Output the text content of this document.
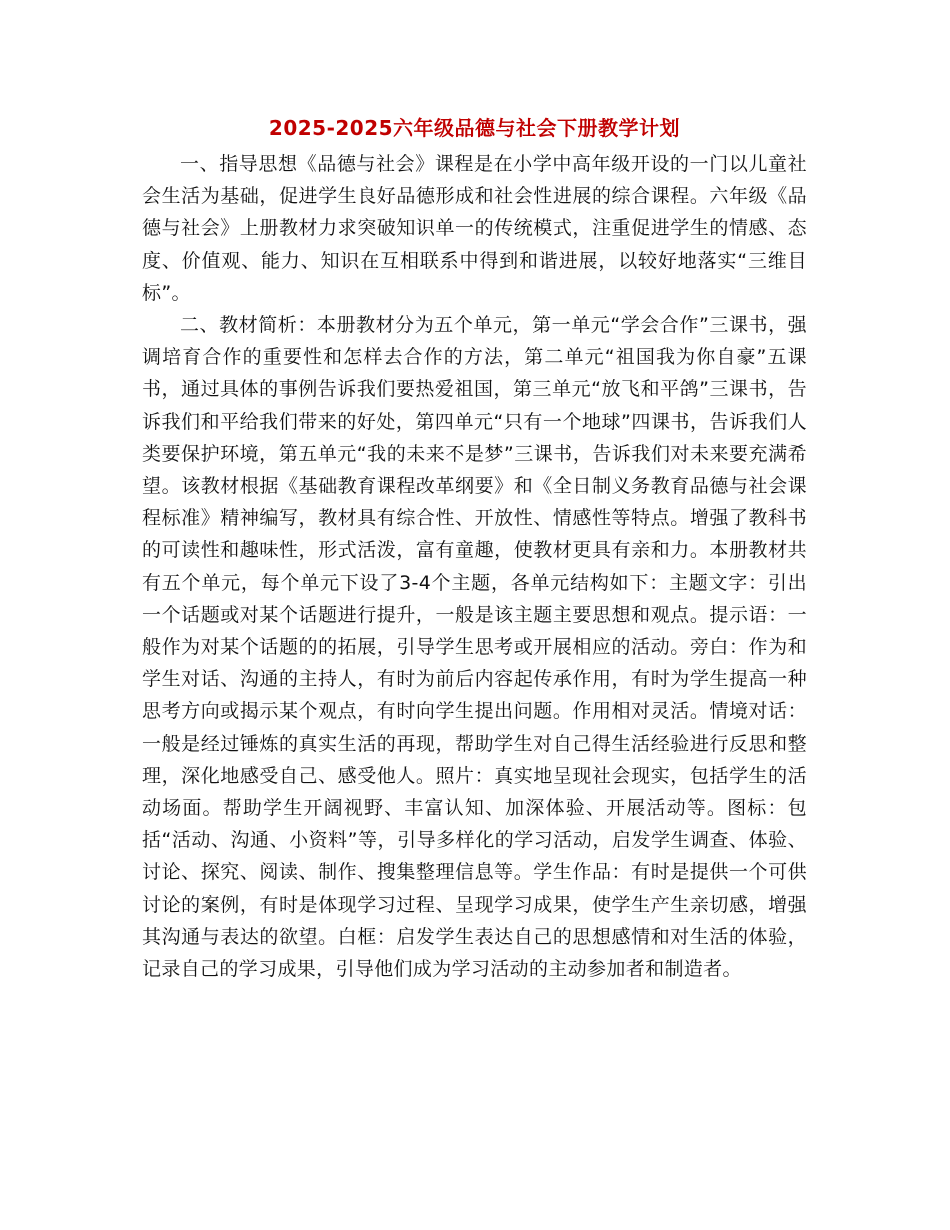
2025-2025六年级品德与社会下册教学计划

一、指导思想《品德与社会》课程是在小学中高年级开设的一门以儿童社会生活为基础，促进学生良好品德形成和社会性进展的综合课程。六年级《品德与社会》上册教材力求突破知识单一的传统模式，注重促进学生的情感、态度、价值观、能力、知识在互相联系中得到和谐进展，以较好地落实“三维目标”。

二、教材简析：本册教材分为五个单元，第一单元“学会合作”三课书，强调培育合作的重要性和怎样去合作的方法，第二单元“祖国我为你自豪”五课书，通过具体的事例告诉我们要热爱祖国，第三单元“放飞和平鸽”三课书，告诉我们和平给我们带来的好处，第四单元“只有一个地球”四课书，告诉我们人类要保护环境，第五单元“我的未来不是梦”三课书，告诉我们对未来要充满希望。该教材根据《基础教育课程改革纲要》和《全日制义务教育品德与社会课程标准》精神编写，教材具有综合性、开放性、情感性等特点。增强了教科书的可读性和趣味性，形式活泼，富有童趣，使教材更具有亲和力。本册教材共有五个单元，每个单元下设了3-4个主题，各单元结构如下：主题文字：引出一个话题或对某个话题进行提升，一般是该主题主要思想和观点。提示语：一般作为对某个话题的的拓展，引导学生思考或开展相应的活动。旁白：作为和学生对话、沟通的主持人，有时为前后内容起传承作用，有时为学生提高一种思考方向或揭示某个观点，有时向学生提出问题。作用相对灵活。情境对话：一般是经过锤炼的真实生活的再现，帮助学生对自己得生活经验进行反思和整理，深化地感受自己、感受他人。照片：真实地呈现社会现实，包括学生的活动场面。帮助学生开阔视野、丰富认知、加深体验、开展活动等。图标：包括“活动、沟通、小资料”等，引导多样化的学习活动，启发学生调查、体验、讨论、探究、阅读、制作、搜集整理信息等。学生作品：有时是提供一个可供讨论的案例，有时是体现学习过程、呈现学习成果，使学生产生亲切感，增强其沟通与表达的欲望。白框：启发学生表达自己的思想感情和对生活的体验，记录自己的学习成果，引导他们成为学习活动的主动参加者和制造者。
